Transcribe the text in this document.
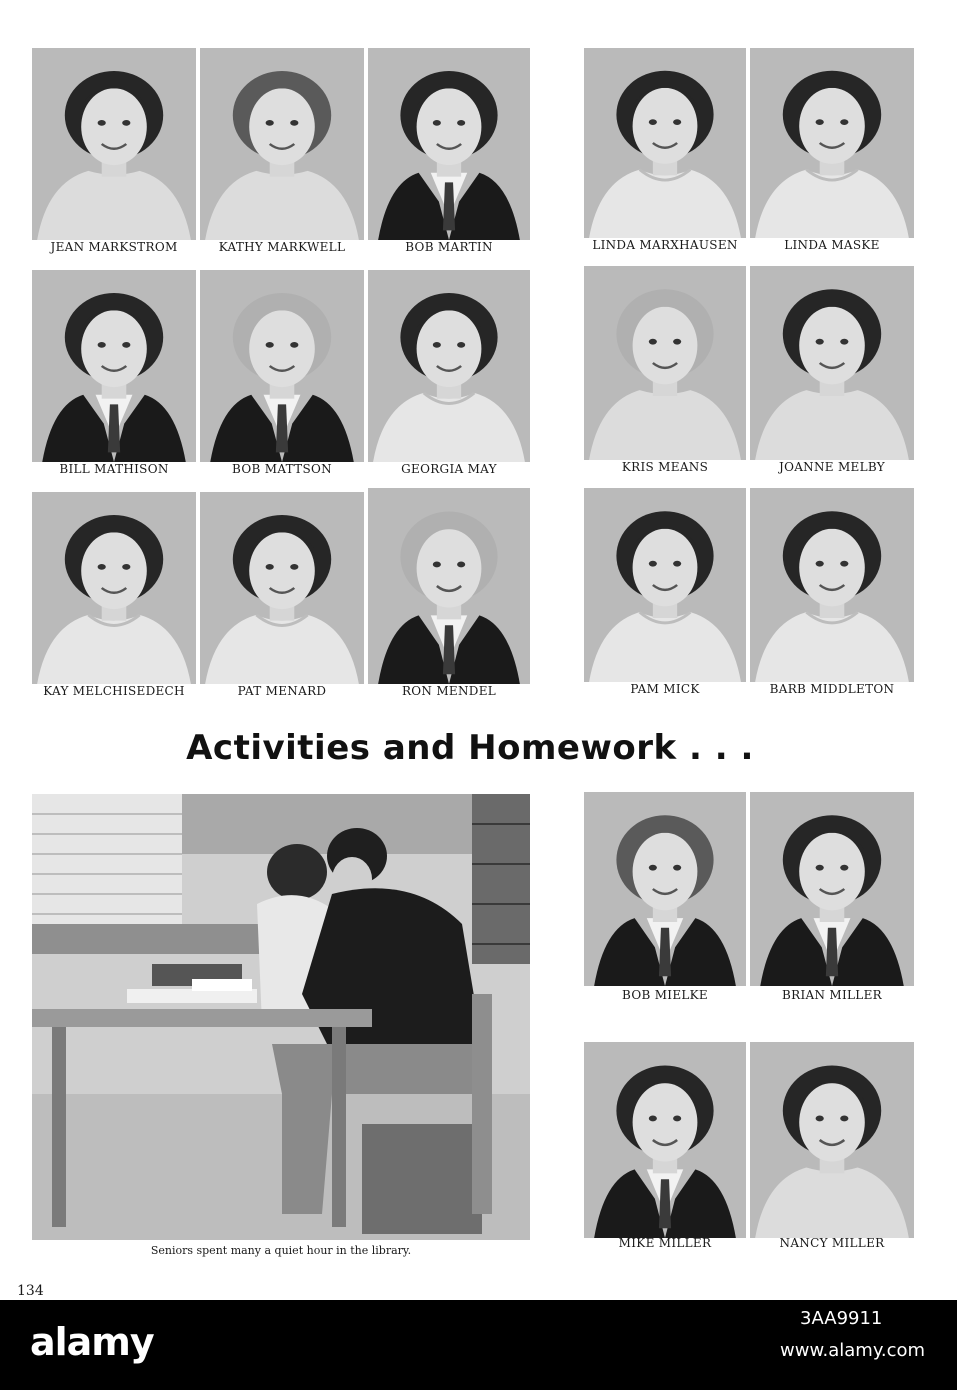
JEAN MARKSTROM	KATHY MARKWELL	BOB MARTIN	LINDA MARXHAUSEN	LINDA MASKE
BILL MATHISON	BOB MATTSON	GEORGIA MAY	KRIS MEANS	JOANNE MELBY
KAY MELCHISEDECH	PAT MENARD	RON MENDEL	PAM MICK	BARB MIDDLETON
BOB MIELKE	BRIAN MILLER
MIKE MILLER	NANCY MILLER
Activities and Homework . . .
Seniors spent many a quiet hour in the library.
134
alamy
3AA9911
www.alamy.com
